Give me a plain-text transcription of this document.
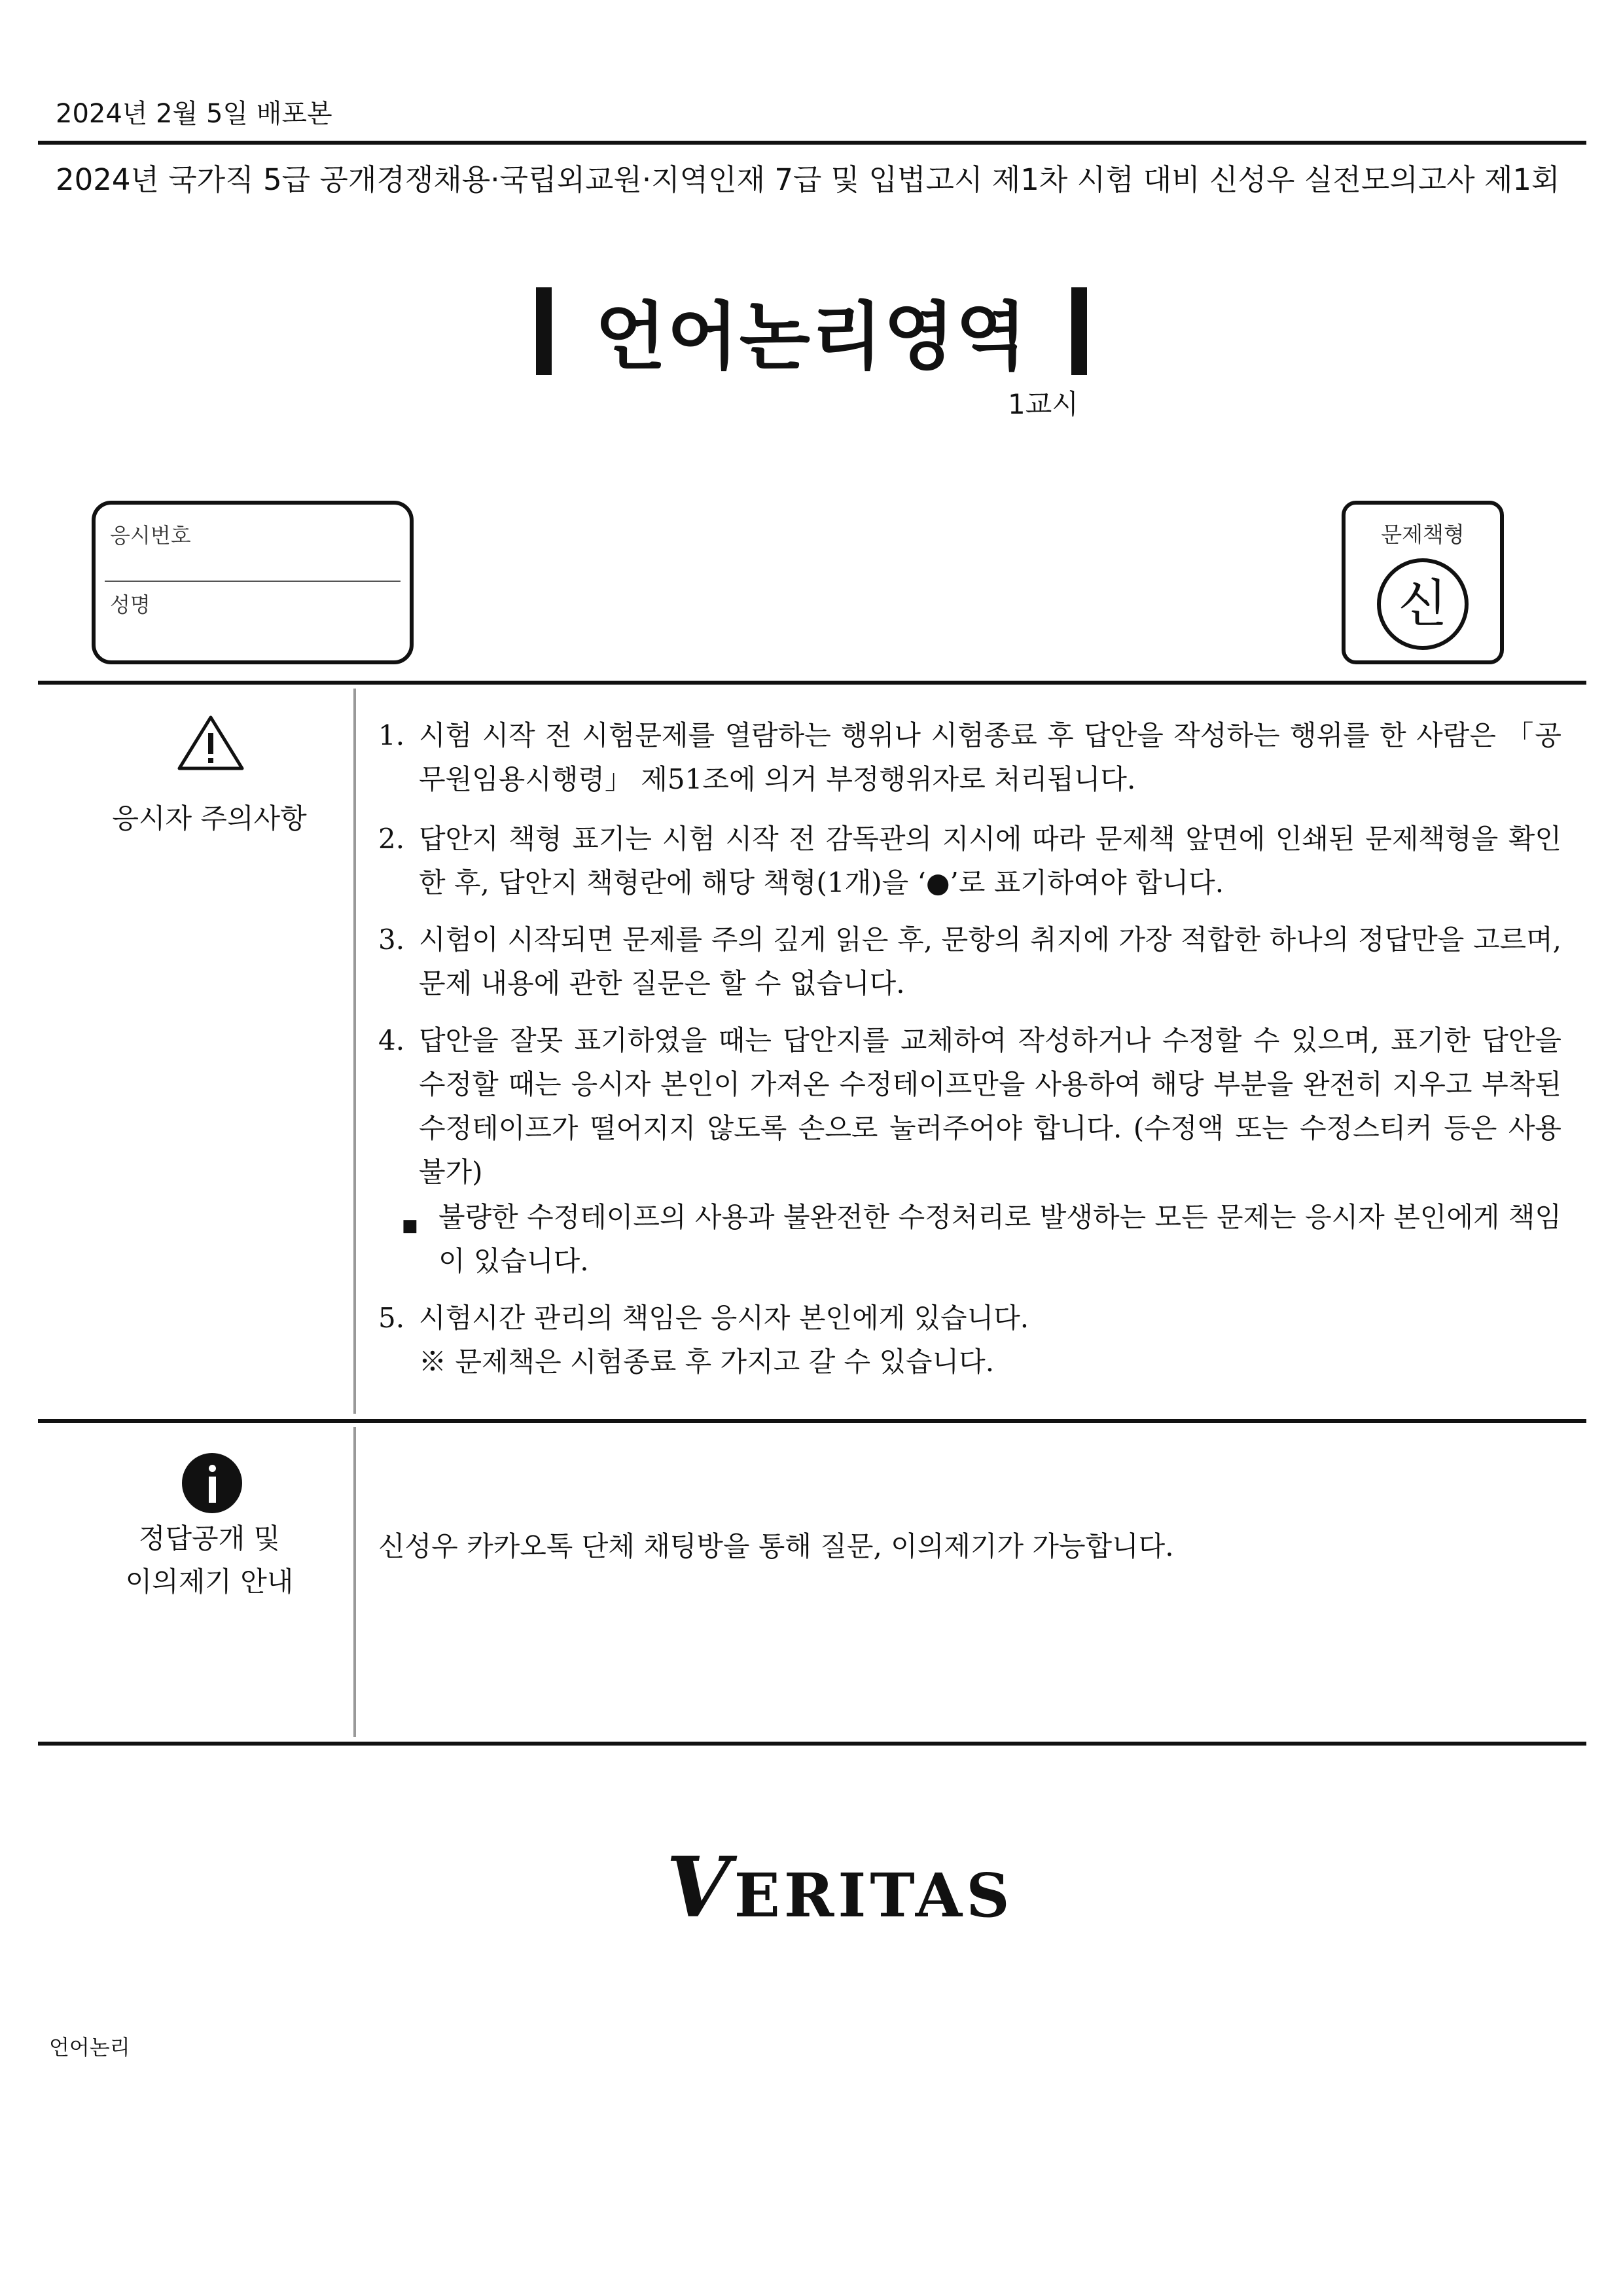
2024년 2월 5일 배포본
2024년 국가직 5급 공개경쟁채용·국립외교원·지역인재 7급 및 입법고시 제1차 시험 대비 신성우 실전모의고사 제1회
언어논리영역
1교시
응시번호
성명
문제책형
신
응시자 주의사항
1. 시험 시작 전 시험문제를 열람하는 행위나 시험종료 후 답안을 작성하는 행위를 한 사람은 「공무원임용시행령」 제51조에 의거 부정행위자로 처리됩니다.
2. 답안지 책형 표기는 시험 시작 전 감독관의 지시에 따라 문제책 앞면에 인쇄된 문제책형을 확인한 후, 답안지 책형란에 해당 책형(1개)을 ‘●’로 표기하여야 합니다.
3. 시험이 시작되면 문제를 주의 깊게 읽은 후, 문항의 취지에 가장 적합한 하나의 정답만을 고르며, 문제 내용에 관한 질문은 할 수 없습니다.
4. 답안을 잘못 표기하였을 때는 답안지를 교체하여 작성하거나 수정할 수 있으며, 표기한 답안을 수정할 때는 응시자 본인이 가져온 수정테이프만을 사용하여 해당 부분을 완전히 지우고 부착된 수정테이프가 떨어지지 않도록 손으로 눌러주어야 합니다. (수정액 또는 수정스티커 등은 사용 불가)
■ 불량한 수정테이프의 사용과 불완전한 수정처리로 발생하는 모든 문제는 응시자 본인에게 책임이 있습니다.
5. 시험시간 관리의 책임은 응시자 본인에게 있습니다.
※ 문제책은 시험종료 후 가지고 갈 수 있습니다.
정답공개 및
이의제기 안내
신성우 카카오톡 단체 채팅방을 통해 질문, 이의제기가 가능합니다.
VERITAS
언어논리
